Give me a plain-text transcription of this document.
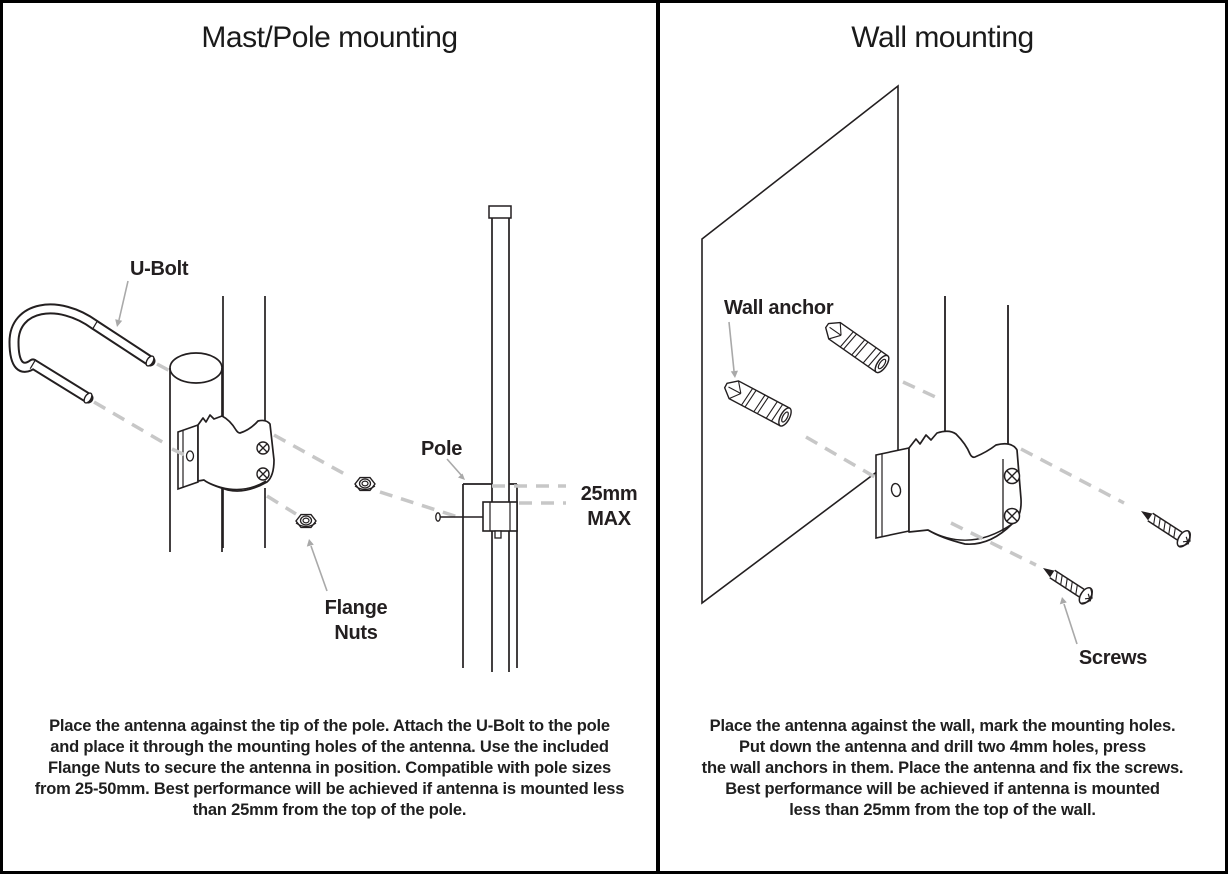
Mast/Pole mounting
25mm
MAX
Pole
U-Bolt
Flange
Nuts
Place the antenna against the tip of the pole. Attach the U-Bolt to the pole
and place it through the mounting holes of the antenna. Use the included
Flange Nuts to secure the antenna in position. Compatible with pole sizes
from 25-50mm. Best performance will be achieved if antenna is mounted less
than 25mm from the top of the pole.
Wall mounting
Wall anchor
Screws
Place the antenna against the wall, mark the mounting holes.
Put down the antenna and drill two 4mm holes, press
the wall anchors in them. Place the antenna and fix the screws.
Best performance will be achieved if antenna is mounted
less than 25mm from the top of the wall.
